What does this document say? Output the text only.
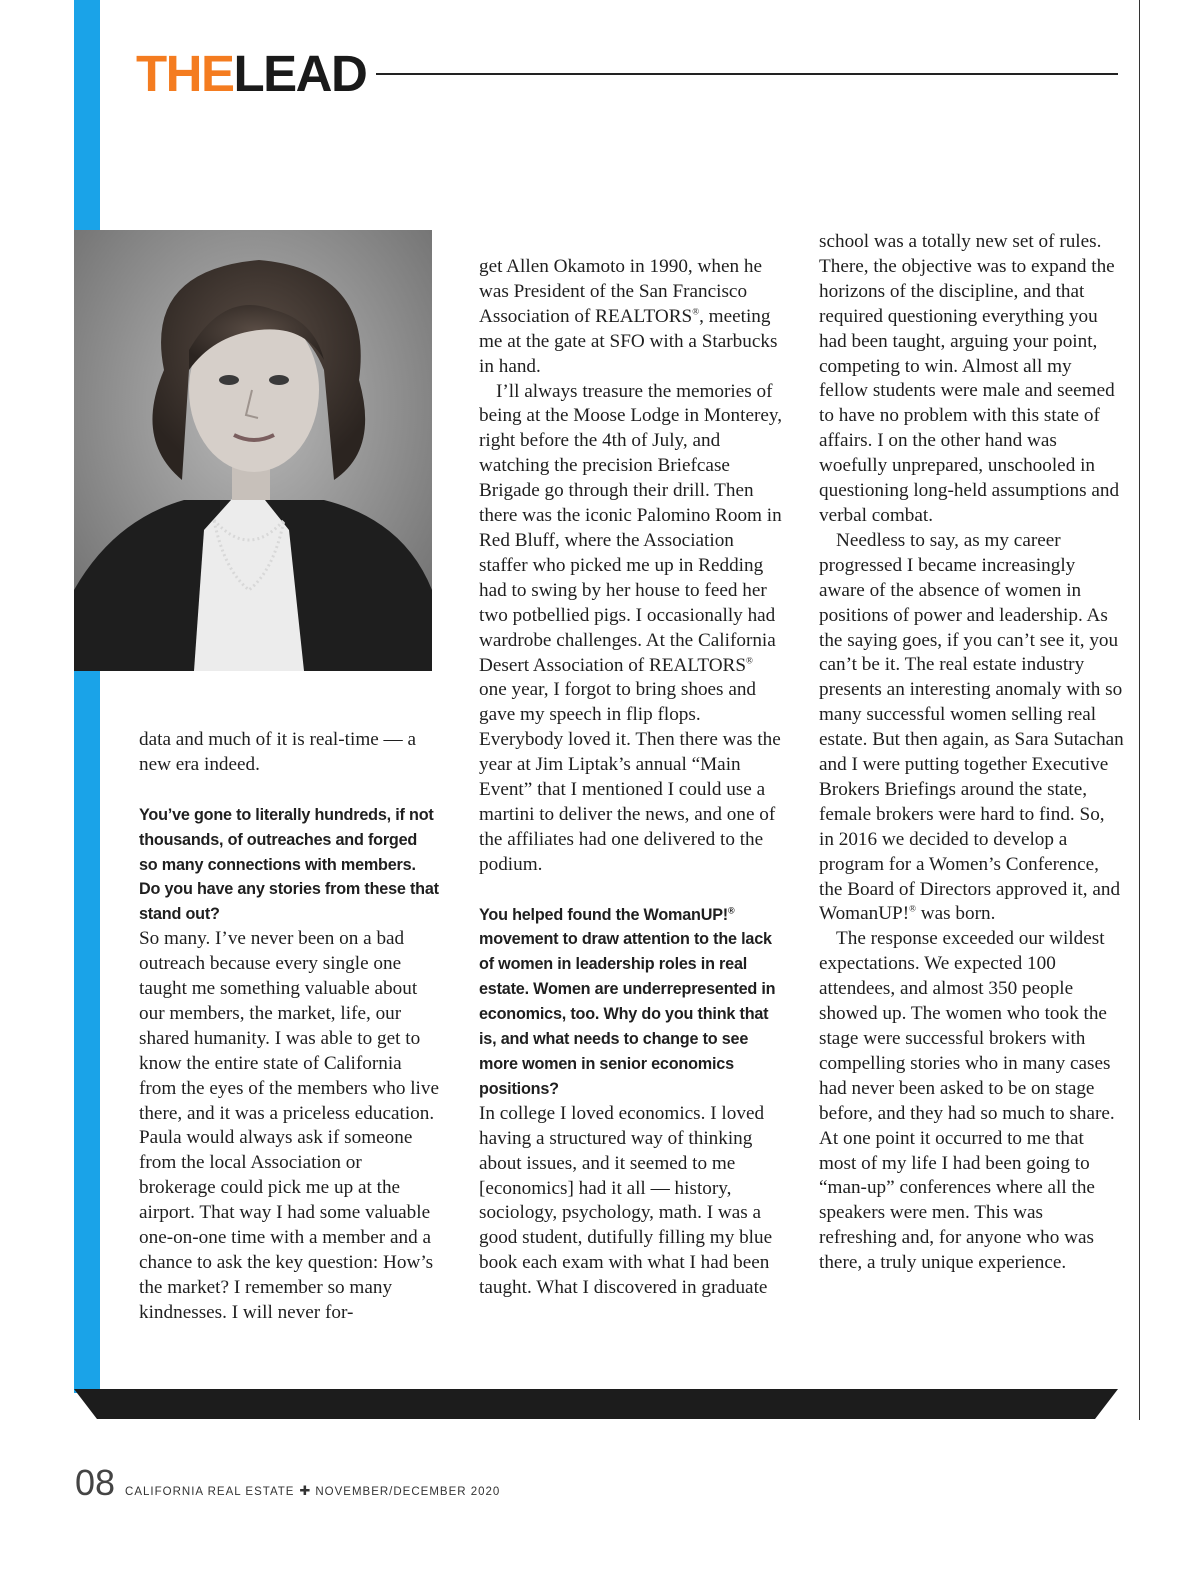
THELEAD

data and much of it is real-time — a new era indeed.

You’ve gone to literally hundreds, if not thousands, of outreaches and forged so many connections with members. Do you have any stories from these that stand out?

So many. I’ve never been on a bad outreach because every single one taught me something valuable about our members, the market, life, our shared humanity. I was able to get to know the entire state of California from the eyes of the members who live there, and it was a priceless education. Paula would always ask if someone from the local Association or brokerage could pick me up at the airport. That way I had some valuable one-on-one time with a member and a chance to ask the key question: How’s the market? I remember so many kindnesses. I will never for-

get Allen Okamoto in 1990, when he was President of the San Francisco Association of REALTORS®, meeting me at the gate at SFO with a Starbucks in hand.

I’ll always treasure the memories of being at the Moose Lodge in Monterey, right before the 4th of July, and watching the precision Briefcase Brigade go through their drill. Then there was the iconic Palomino Room in Red Bluff, where the Association staffer who picked me up in Redding had to swing by her house to feed her two potbellied pigs. I occasionally had wardrobe challenges. At the California Desert Association of REALTORS® one year, I forgot to bring shoes and gave my speech in flip flops. Everybody loved it. Then there was the year at Jim Liptak’s annual “Main Event” that I mentioned I could use a martini to deliver the news, and one of the affiliates had one delivered to the podium.

You helped found the WomanUP!® movement to draw attention to the lack of women in leadership roles in real estate. Women are underrepresented in economics, too. Why do you think that is, and what needs to change to see more women in senior economics positions?

In college I loved economics. I loved having a structured way of thinking about issues, and it seemed to me [economics] had it all — history, sociology, psychology, math. I was a good student, dutifully filling my blue book each exam with what I had been taught. What I discovered in graduate

school was a totally new set of rules. There, the objective was to expand the horizons of the discipline, and that required questioning everything you had been taught, arguing your point, competing to win. Almost all my fellow students were male and seemed to have no problem with this state of affairs. I on the other hand was woefully unprepared, unschooled in questioning long-held assumptions and verbal combat.

Needless to say, as my career progressed I became increasingly aware of the absence of women in positions of power and leadership. As the saying goes, if you can’t see it, you can’t be it. The real estate industry presents an interesting anomaly with so many successful women selling real estate. But then again, as Sara Sutachan and I were putting together Executive Brokers Briefings around the state, female brokers were hard to find. So, in 2016 we decided to develop a program for a Women’s Conference, the Board of Directors approved it, and WomanUP!® was born.

The response exceeded our wildest expectations. We expected 100 attendees, and almost 350 people showed up. The women who took the stage were successful brokers with compelling stories who in many cases had never been asked to be on stage before, and they had so much to share. At one point it occurred to me that most of my life I had been going to “man-up” conferences where all the speakers were men. This was refreshing and, for anyone who was there, a truly unique experience.

08 CALIFORNIA REAL ESTATE ✚ NOVEMBER/DECEMBER 2020
